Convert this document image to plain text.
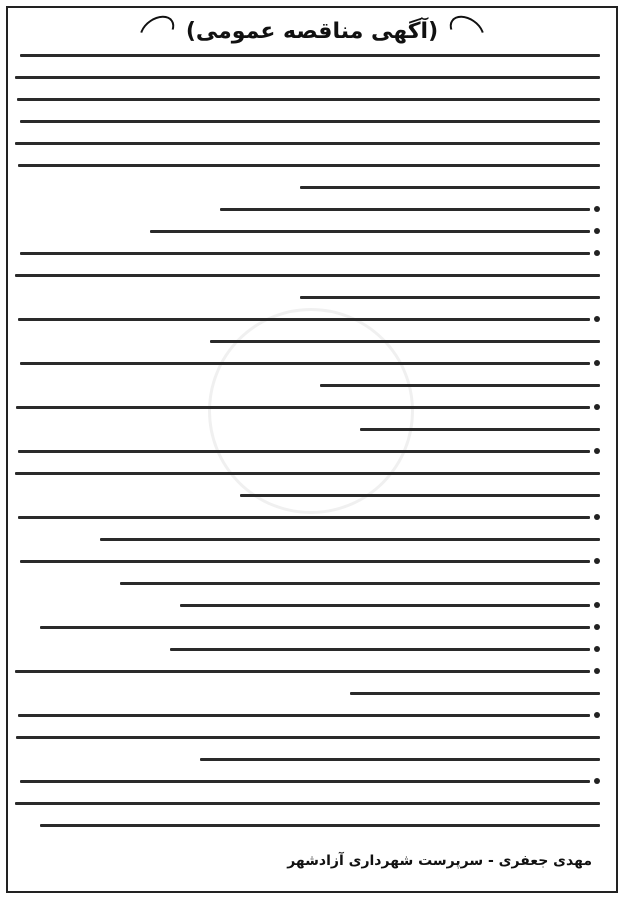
(آگهی مناقصه عمومی)
مهدی جعفری - سرپرست شهرداری آزادشهر
